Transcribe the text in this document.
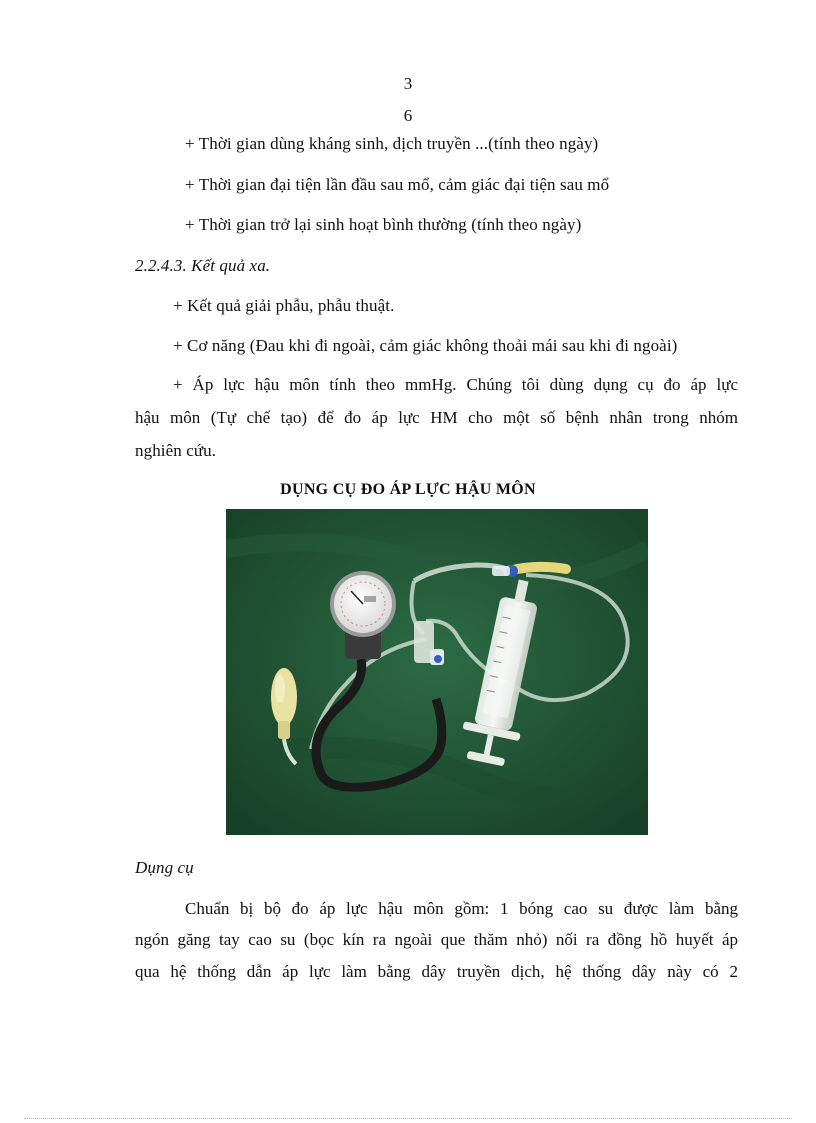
3
6
+ Thời gian dùng kháng sinh, dịch truyền ...(tính theo ngày)
+ Thời gian đại tiện lần đầu sau mổ, cảm giác đại tiện sau mổ
+ Thời gian trở lại sinh hoạt bình thường (tính theo ngày)
2.2.4.3. Kết quả xa.
+ Kết quả giải phẫu, phẫu thuật.
+ Cơ năng (Đau khi đi ngoài, cảm giác không thoải mái sau khi đi ngoài)
+ Áp lực hậu môn tính theo mmHg. Chúng tôi dùng dụng cụ đo áp lực
hậu môn (Tự chế tạo) để đo áp lực HM cho một số bệnh nhân trong nhóm
nghiên cứu.
DỤNG CỤ ĐO ÁP LỰC HẬU MÔN
Dụng cụ
Chuẩn bị bộ đo áp lực hậu môn gồm: 1 bóng cao su được làm bằng
ngón găng tay cao su (bọc kín ra ngoài que thăm nhỏ) nối ra đồng hồ huyết áp
qua hệ thống dẫn áp lực làm bằng dây truyền dịch, hệ thống dây này có 2
